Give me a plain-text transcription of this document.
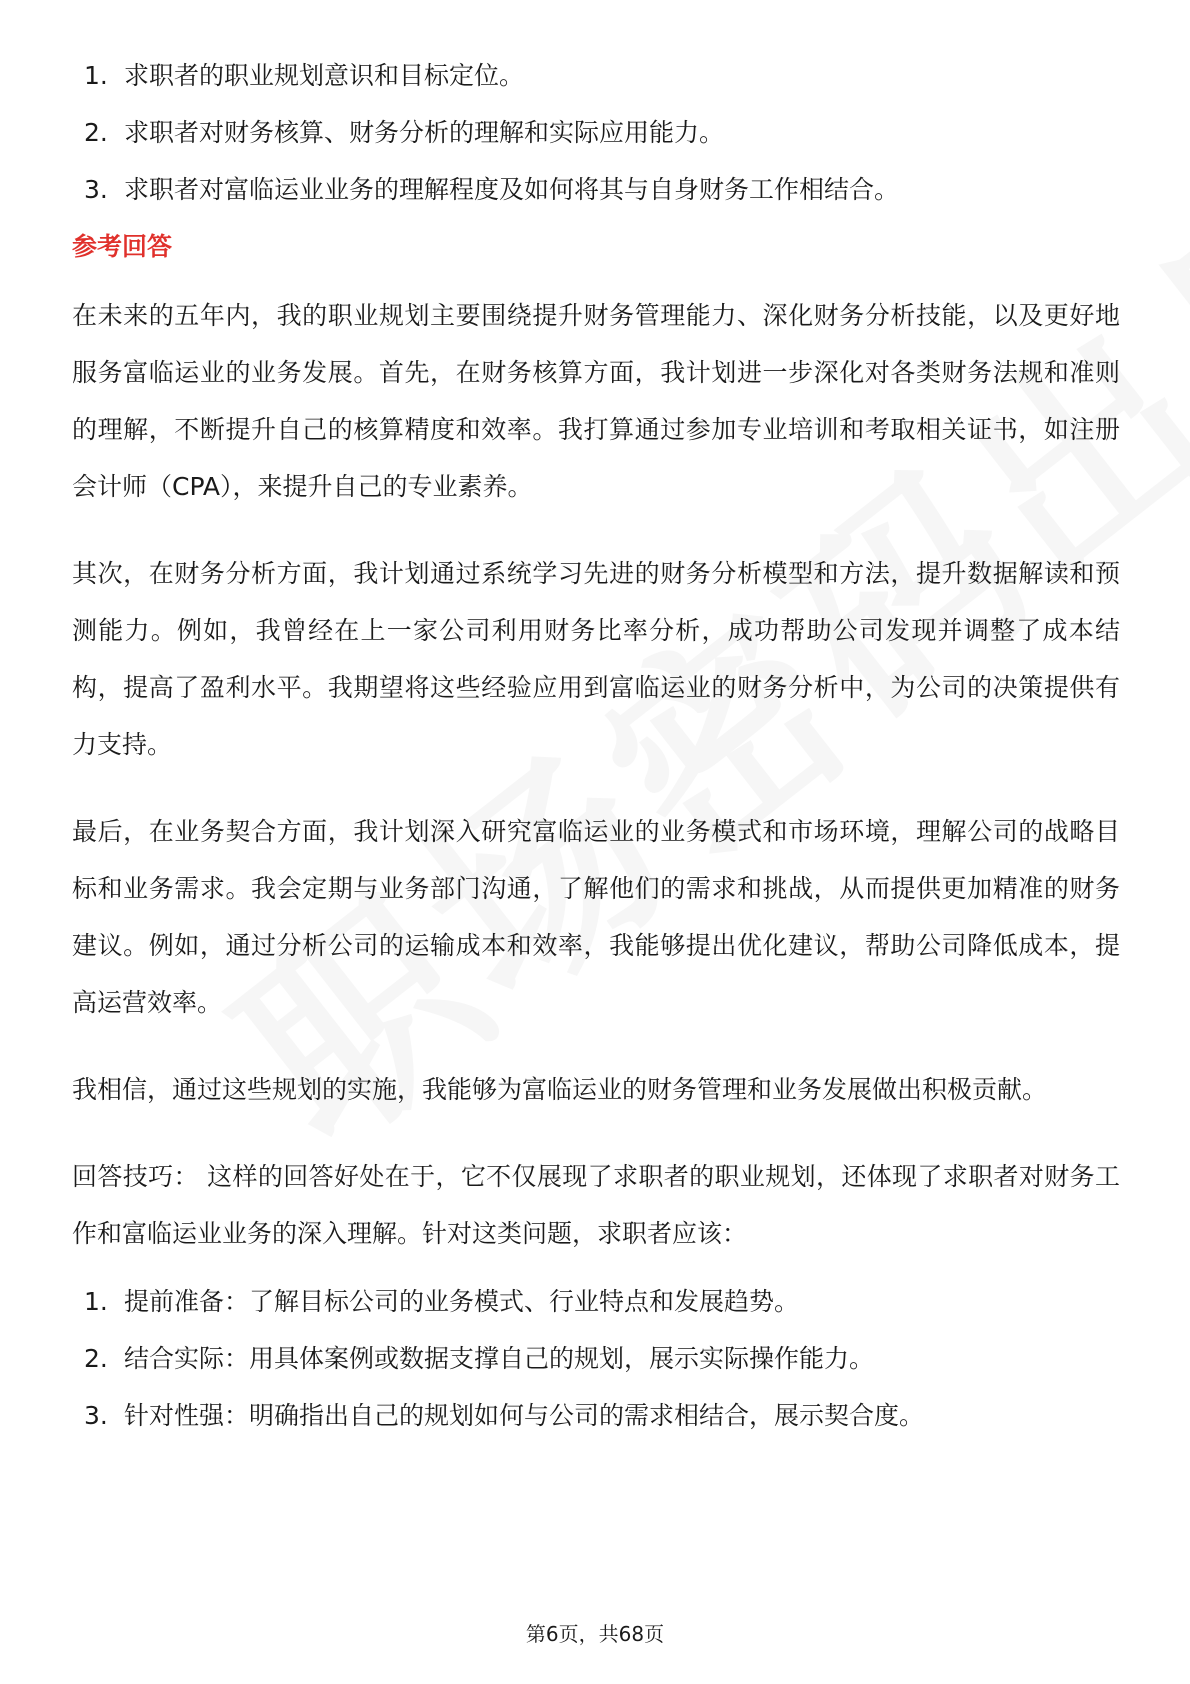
1. 求职者的职业规划意识和目标定位。
2. 求职者对财务核算、财务分析的理解和实际应用能力。
3. 求职者对富临运业业务的理解程度及如何将其与自身财务工作相结合。
参考回答

在未来的五年内，我的职业规划主要围绕提升财务管理能力、深化财务分析技能，以及更好地服务富临运业的业务发展。首先，在财务核算方面，我计划进一步深化对各类财务法规和准则的理解，不断提升自己的核算精度和效率。我打算通过参加专业培训和考取相关证书，如注册会计师（CPA），来提升自己的专业素养。

其次，在财务分析方面，我计划通过系统学习先进的财务分析模型和方法，提升数据解读和预测能力。例如，我曾经在上一家公司利用财务比率分析，成功帮助公司发现并调整了成本结构，提高了盈利水平。我期望将这些经验应用到富临运业的财务分析中，为公司的决策提供有力支持。

最后，在业务契合方面，我计划深入研究富临运业的业务模式和市场环境，理解公司的战略目标和业务需求。我会定期与业务部门沟通，了解他们的需求和挑战，从而提供更加精准的财务建议。例如，通过分析公司的运输成本和效率，我能够提出优化建议，帮助公司降低成本，提高运营效率。

我相信，通过这些规划的实施，我能够为富临运业的财务管理和业务发展做出积极贡献。

回答技巧： 这样的回答好处在于，它不仅展现了求职者的职业规划，还体现了求职者对财务工作和富临运业业务的深入理解。针对这类问题，求职者应该：

1. 提前准备：了解目标公司的业务模式、行业特点和发展趋势。
2. 结合实际：用具体案例或数据支撑自己的规划，展示实际操作能力。
3. 针对性强：明确指出自己的规划如何与公司的需求相结合，展示契合度。
第6页，共68页
